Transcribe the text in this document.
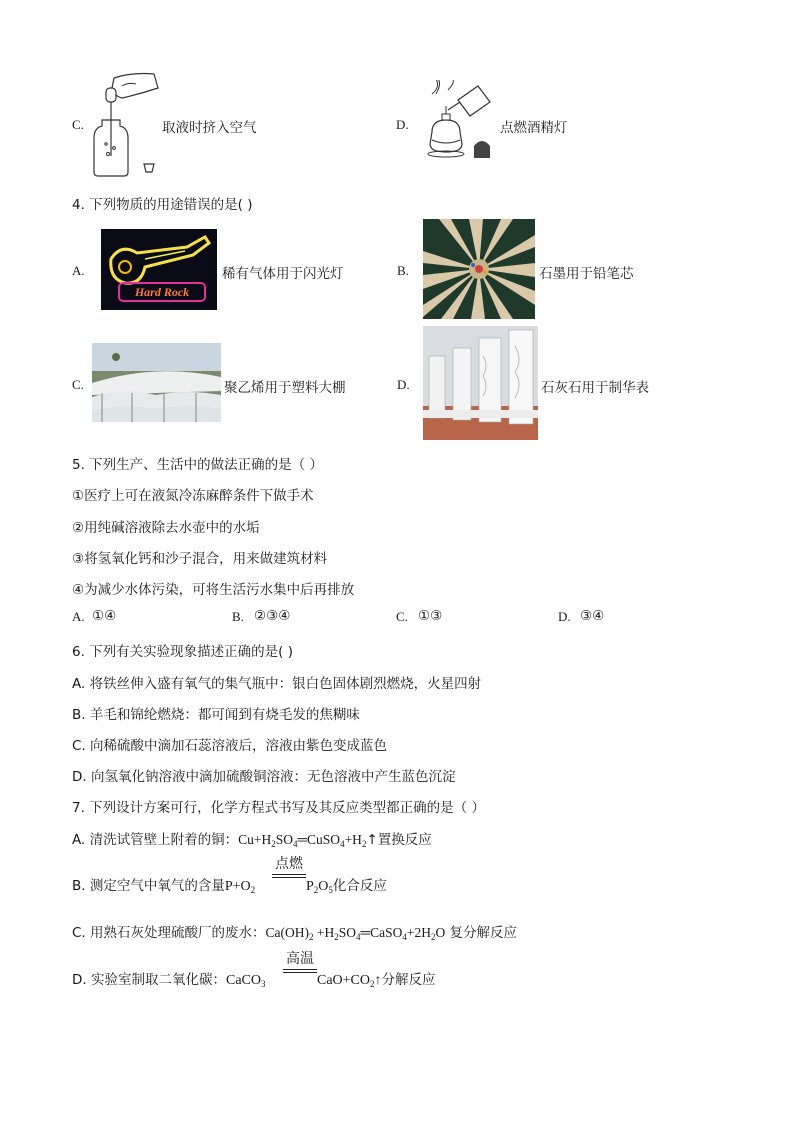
C.	取液时挤入空气	D.	点燃酒精灯
4. 下列物质的用途错误的是( )
A.
Hard Rock
稀有气体用于闪光灯	B.	石墨用于铅笔芯
C.	聚乙烯用于塑料大棚	D.	石灰石用于制华表
5. 下列生产、生活中的做法正确的是（ ）
①医疗上可在液氮冷冻麻醉条件下做手术
②用纯碱溶液除去水壶中的水垢
③将氢氧化钙和沙子混合，用来做建筑材料
④为减少水体污染，可将生活污水集中后再排放
A. ①④	B. ②③④	C. ①③	D. ③④
6. 下列有关实验现象描述正确的是( )
A. 将铁丝伸入盛有氧气的集气瓶中：银白色固体剧烈燃烧，火星四射
B. 羊毛和锦纶燃烧：都可闻到有烧毛发的焦糊味
C. 向稀硫酸中滴加石蕊溶液后，溶液由紫色变成蓝色
D. 向氢氧化钠溶液中滴加硫酸铜溶液：无色溶液中产生蓝色沉淀
7. 下列设计方案可行，化学方程式书写及其反应类型都正确的是（ ）
A. 清洗试管壁上附着的铜：$Cu+H_2SO_4═CuSO_4+H_2↑$置换反应
B. 测定空气中氧气的含量$P+O_2$
点燃
$P_2O_5$化合反应
C. 用熟石灰处理硫酸厂的废水：$Ca(OH)_2$ $+H_2SO_4═CaSO_4+2H_2O$ 复分解反应
D. 实验室制取二氧化碳：CaCO$_3$
高温
$CaO+CO_2↑$分解反应
